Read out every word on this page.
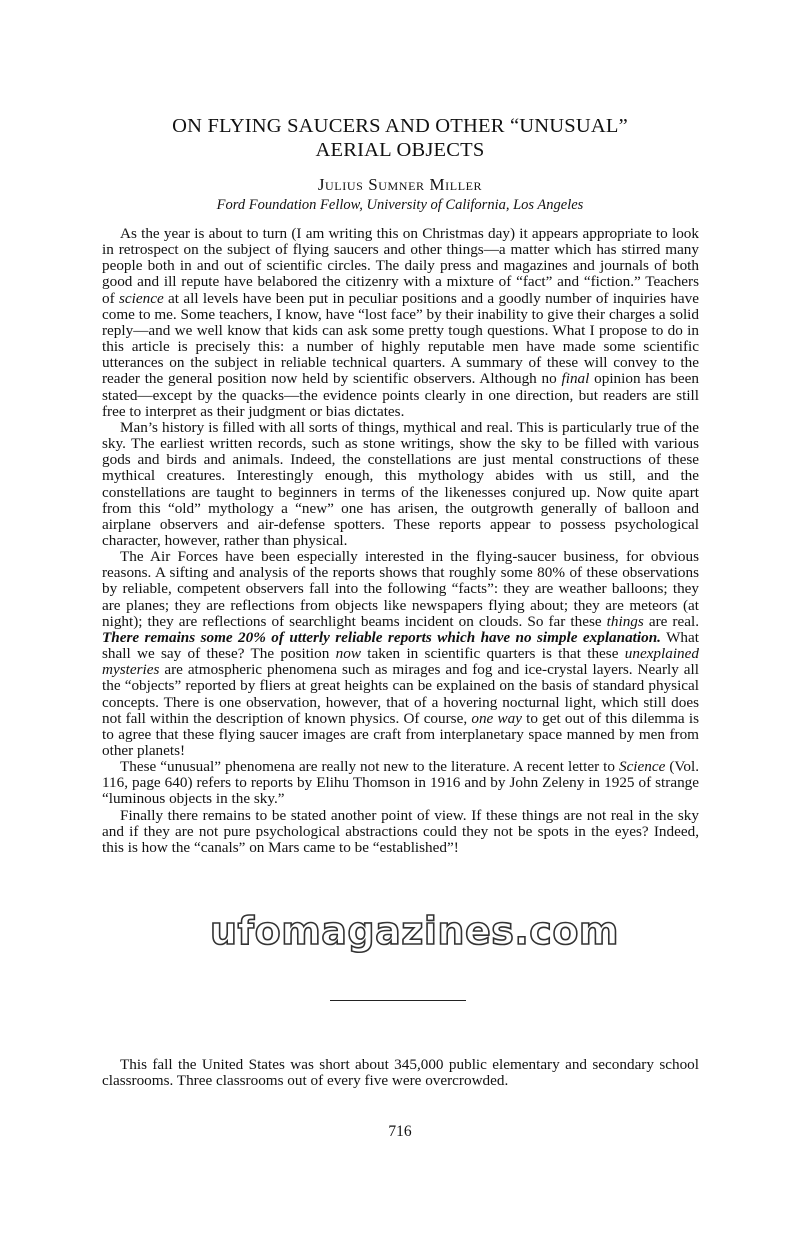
ON FLYING SAUCERS AND OTHER “UNUSUAL”
AERIAL OBJECTS
Julius Sumner Miller
Ford Foundation Fellow, University of California, Los Angeles

As the year is about to turn (I am writing this on Christmas day) it appears appropriate to look in retrospect on the subject of flying saucers and other things—a matter which has stirred many people both in and out of scientific circles. The daily press and magazines and journals of both good and ill repute have belabored the citizenry with a mixture of “fact” and “fiction.” Teachers of science at all levels have been put in peculiar positions and a goodly number of inquiries have come to me. Some teachers, I know, have “lost face” by their inability to give their charges a solid reply—and we well know that kids can ask some pretty tough questions. What I propose to do in this article is precisely this: a number of highly reputable men have made some scientific utterances on the subject in reliable technical quarters. A summary of these will convey to the reader the general position now held by scientific observers. Although no final opinion has been stated—except by the quacks—the evidence points clearly in one direction, but readers are still free to interpret as their judgment or bias dictates.

Man’s history is filled with all sorts of things, mythical and real. This is particularly true of the sky. The earliest written records, such as stone writings, show the sky to be filled with various gods and birds and animals. Indeed, the constellations are just mental constructions of these mythical creatures. Interestingly enough, this mythology abides with us still, and the constellations are taught to beginners in terms of the likenesses conjured up. Now quite apart from this “old” mythology a “new” one has arisen, the outgrowth generally of balloon and airplane observers and air-defense spotters. These reports appear to possess psychological character, however, rather than physical.

The Air Forces have been especially interested in the flying-saucer business, for obvious reasons. A sifting and analysis of the reports shows that roughly some 80% of these observations by reliable, competent observers fall into the following “facts”: they are weather balloons; they are planes; they are reflections from objects like newspapers flying about; they are meteors (at night); they are reflections of searchlight beams incident on clouds. So far these things are real. There remains some 20% of utterly reliable reports which have no simple explanation. What shall we say of these? The position now taken in scientific quarters is that these unexplained mysteries are atmospheric phenomena such as mirages and fog and ice-crystal layers. Nearly all the “objects” reported by fliers at great heights can be explained on the basis of standard physical concepts. There is one observation, however, that of a hovering nocturnal light, which still does not fall within the description of known physics. Of course, one way to get out of this dilemma is to agree that these flying saucer images are craft from interplanetary space manned by men from other planets!

These “unusual” phenomena are really not new to the literature. A recent letter to Science (Vol. 116, page 640) refers to reports by Elihu Thomson in 1916 and by John Zeleny in 1925 of strange “luminous objects in the sky.”

Finally there remains to be stated another point of view. If these things are not real in the sky and if they are not pure psychological abstractions could they not be spots in the eyes? Indeed, this is how the “canals” on Mars came to be “established”!

ufomagazines.com

This fall the United States was short about 345,000 public elementary and secondary school classrooms. Three classrooms out of every five were overcrowded.

716
